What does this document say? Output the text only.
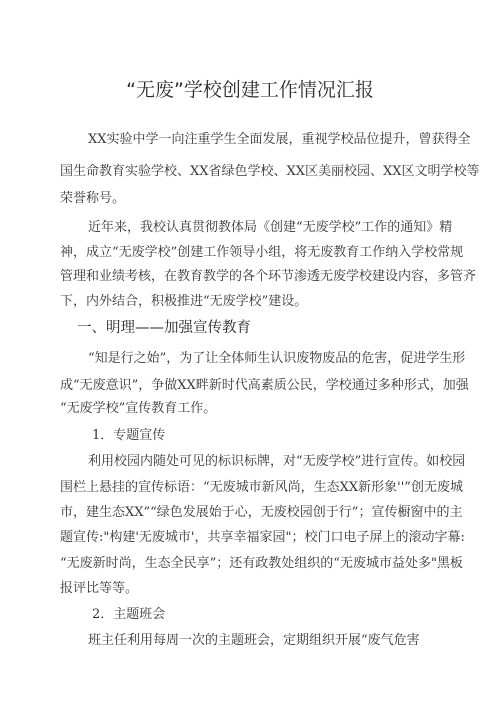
“无废”学校创建工作情况汇报
XX实验中学一向注重学生全面发展，重视学校品位提升，曾获得全
国生命教育实验学校、XX省绿色学校、XX区美丽校园、XX区文明学校等
荣誉称号。
近年来，我校认真贯彻教体局《创建“无废学校”工作的通知》精
神，成立“无废学校”创建工作领导小组，将无废教育工作纳入学校常规
管理和业绩考核，在教育教学的各个环节渗透无废学校建设内容，多管齐
下，内外结合，积极推进“无废学校”建设。
一、明理——加强宣传教育
“知是行之始”，为了让全体师生认识废物废品的危害，促进学生形
成“无废意识”，争做XX畔新时代高素质公民，学校通过多种形式，加强
“无废学校”宣传教育工作。
1．专题宣传
利用校园内随处可见的标识标牌，对“无废学校”进行宣传。如校园
围栏上悬挂的宣传标语：“无废城市新风尚，生态XX新形象''”创无废城
市，建生态XX”“绿色发展始于心，无废校园创于行”；宣传橱窗中的主
题宣传:"构建'无废城市'，共享幸福家园"；校门口电子屏上的滚动字幕:
“无废新时尚，生态全民享”；还有政教处组织的“无废城市益处多"黑板
报评比等等。
2．主题班会
班主任利用每周一次的主题班会，定期组织开展“废气危害
